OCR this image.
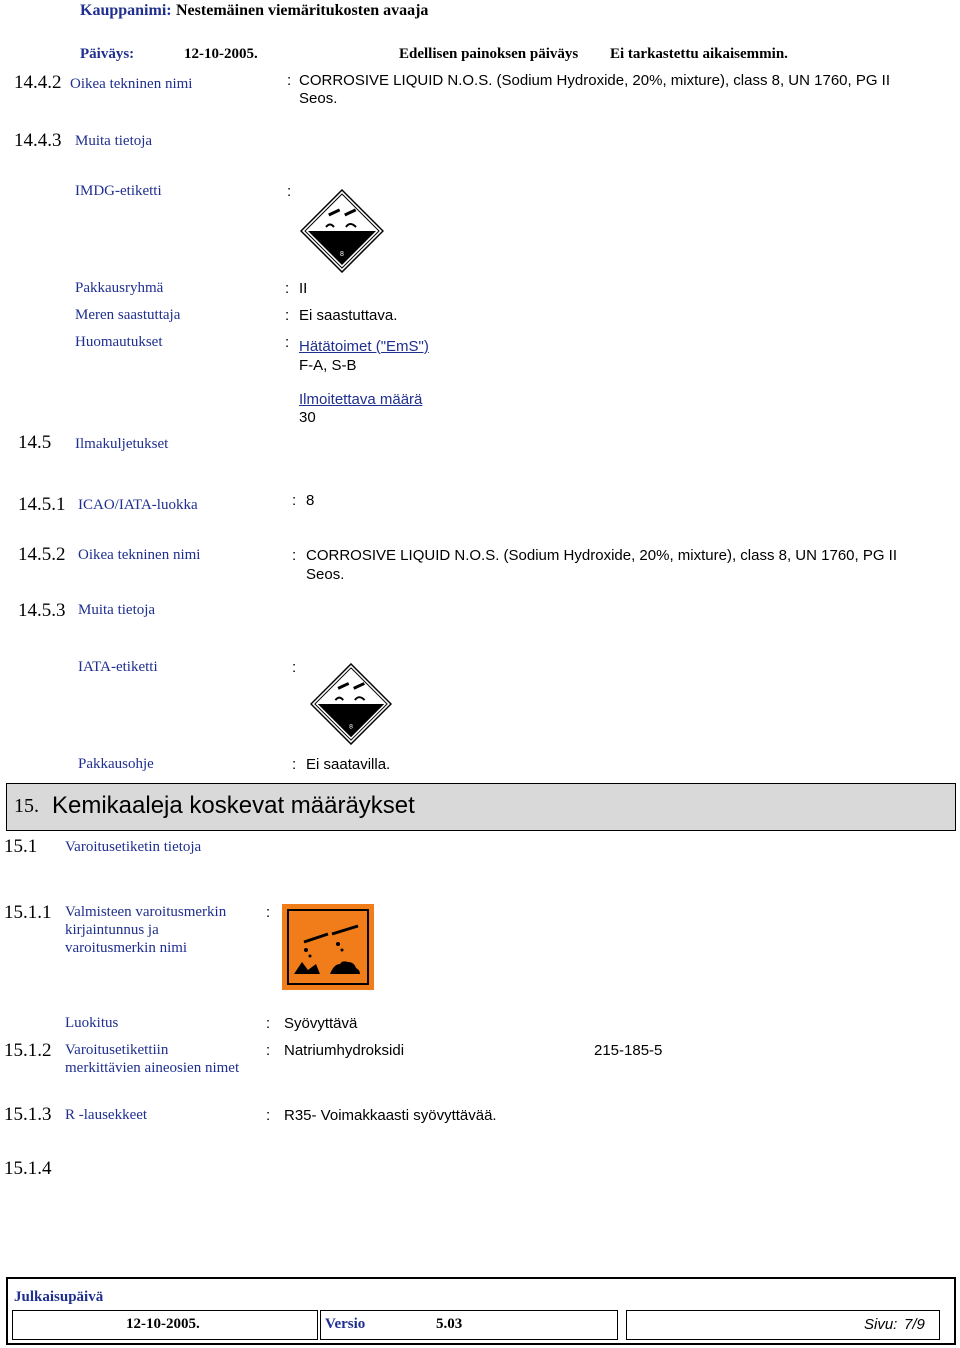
Kauppanimi: Nestemäinen viemäritukosten avaaja
Päiväys:	12-10-2005.	Edellisen painoksen päiväys Ei tarkastettu aikaisemmin.
14.4.2 Oikea tekninen nimi	: CORROSIVE LIQUID N.O.S. (Sodium Hydroxide, 20%, mixture), class 8, UN 1760, PG II
Seos.
14.4.3 Muita tietoja
IMDG-etiketti	:
8
Pakkausryhmä	: II
Meren saastuttaja	: Ei saastuttava.
Huomautukset	: Hätätoimet ("EmS")
F-A, S-B
Ilmoitettava määrä
30
14.5 Ilmakuljetukset
14.5.1 ICAO/IATA-luokka	: 8
14.5.2 Oikea tekninen nimi	: CORROSIVE LIQUID N.O.S. (Sodium Hydroxide, 20%, mixture), class 8, UN 1760, PG II
Seos.
14.5.3 Muita tietoja
IATA-etiketti	:
8
Pakkausohje	: Ei saatavilla.
15. Kemikaaleja koskevat määräykset
15.1 Varoitusetiketin tietoja
15.1.1 Valmisteen varoitusmerkin
kirjaintunnus ja
varoitusmerkin nimi
:
Luokitus	: Syövyttävä
15.1.2 Varoitusetikettiin
merkittävien aineosien nimet
: Natriumhydroksidi	215-185-5
15.1.3 R -lausekkeet	: R35- Voimakkaasti syövyttävää.
15.1.4
Julkaisupäivä
12-10-2005.	Versio	5.03	Sivu: 7/9
